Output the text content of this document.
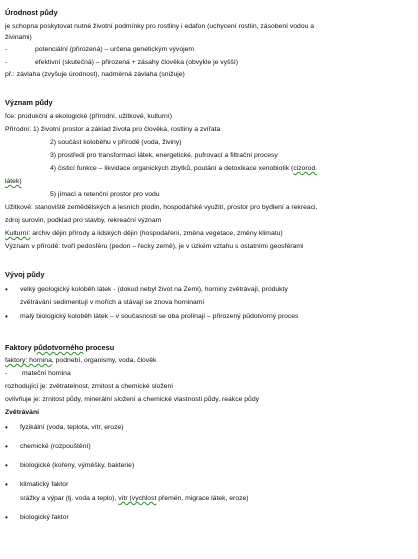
Úrodnost půdy
je schopna poskytovat nutné životní podmínky pro rostliny i edafon (uchycení rostlin, zásobení vodou a
živinami)
-	potenciální (přirozená) – určena genetickým vývojem
-	efektivní (skutečná) – přirozená + zásahy člověka (obvykle je vyšší)
př.: závlaha (zvyšuje úrodnost), nadměrná závlaha (snižuje)
Význam půdy
fce: produkční a ekologické (přírodní, užitkové, kulturní)
Přírodní: 1) životní prostor a základ života pro člověka, rostliny a zvířata
2) součást koloběhu v přírodě (voda, živiny)
3) prostředí pro transformaci látek, energetické, pufrovací a filtrační procesy
4) čisticí funkce – likvidace organických zbytků, poutání a detoxikace xenobiotik (cizorod.
látek)
5) jímací a retenční prostor pro vodu
Užitkové: stanoviště zemědělských a lesních plodin, hospodářské využití, prostor pro bydlení a rekreaci,
zdroj surovin, podklad pro stavby, rekreační význam
Kulturní: archiv dějin přírody a lidských dějin (hospodaření, změna vegetace, změny klimatu)
Význam v přírodě: tvoří pedosféru (pedon – řecky země), je v úzkém vztahu s ostatními geosférami
Vývoj půdy
• velký geologický koloběh látek - (dokud nebyl život na Zemi), horniny zvětrávají, produkty
zvětrávání sedimentují v mořích a stávají se znova horninami
• malý biologický koloběh látek – v současnosti se oba prolínají – přirozený pŭdotvorný proces
Faktory půdotvorného procesu
faktory: hornina, podnebí, organismy, voda, člověk
- mateční hornina
rozhodující je: zvětratelnost, zrnitost a chemické složení
ovlivňuje je: zrnitost půdy, minerální složení a chemické vlastnosti půdy, reakce půdy
Zvětrávání
• fyzikální (voda, teplota, vítr, eroze)
• chemické (rozpouštění)
• biologické (kořeny, výměšky, bakterie)
• klimatický faktor
srážky a výpar (tj. voda a teplo), vítr (vychlost přemën, migrace látek, eroze)
• biologický faktor
